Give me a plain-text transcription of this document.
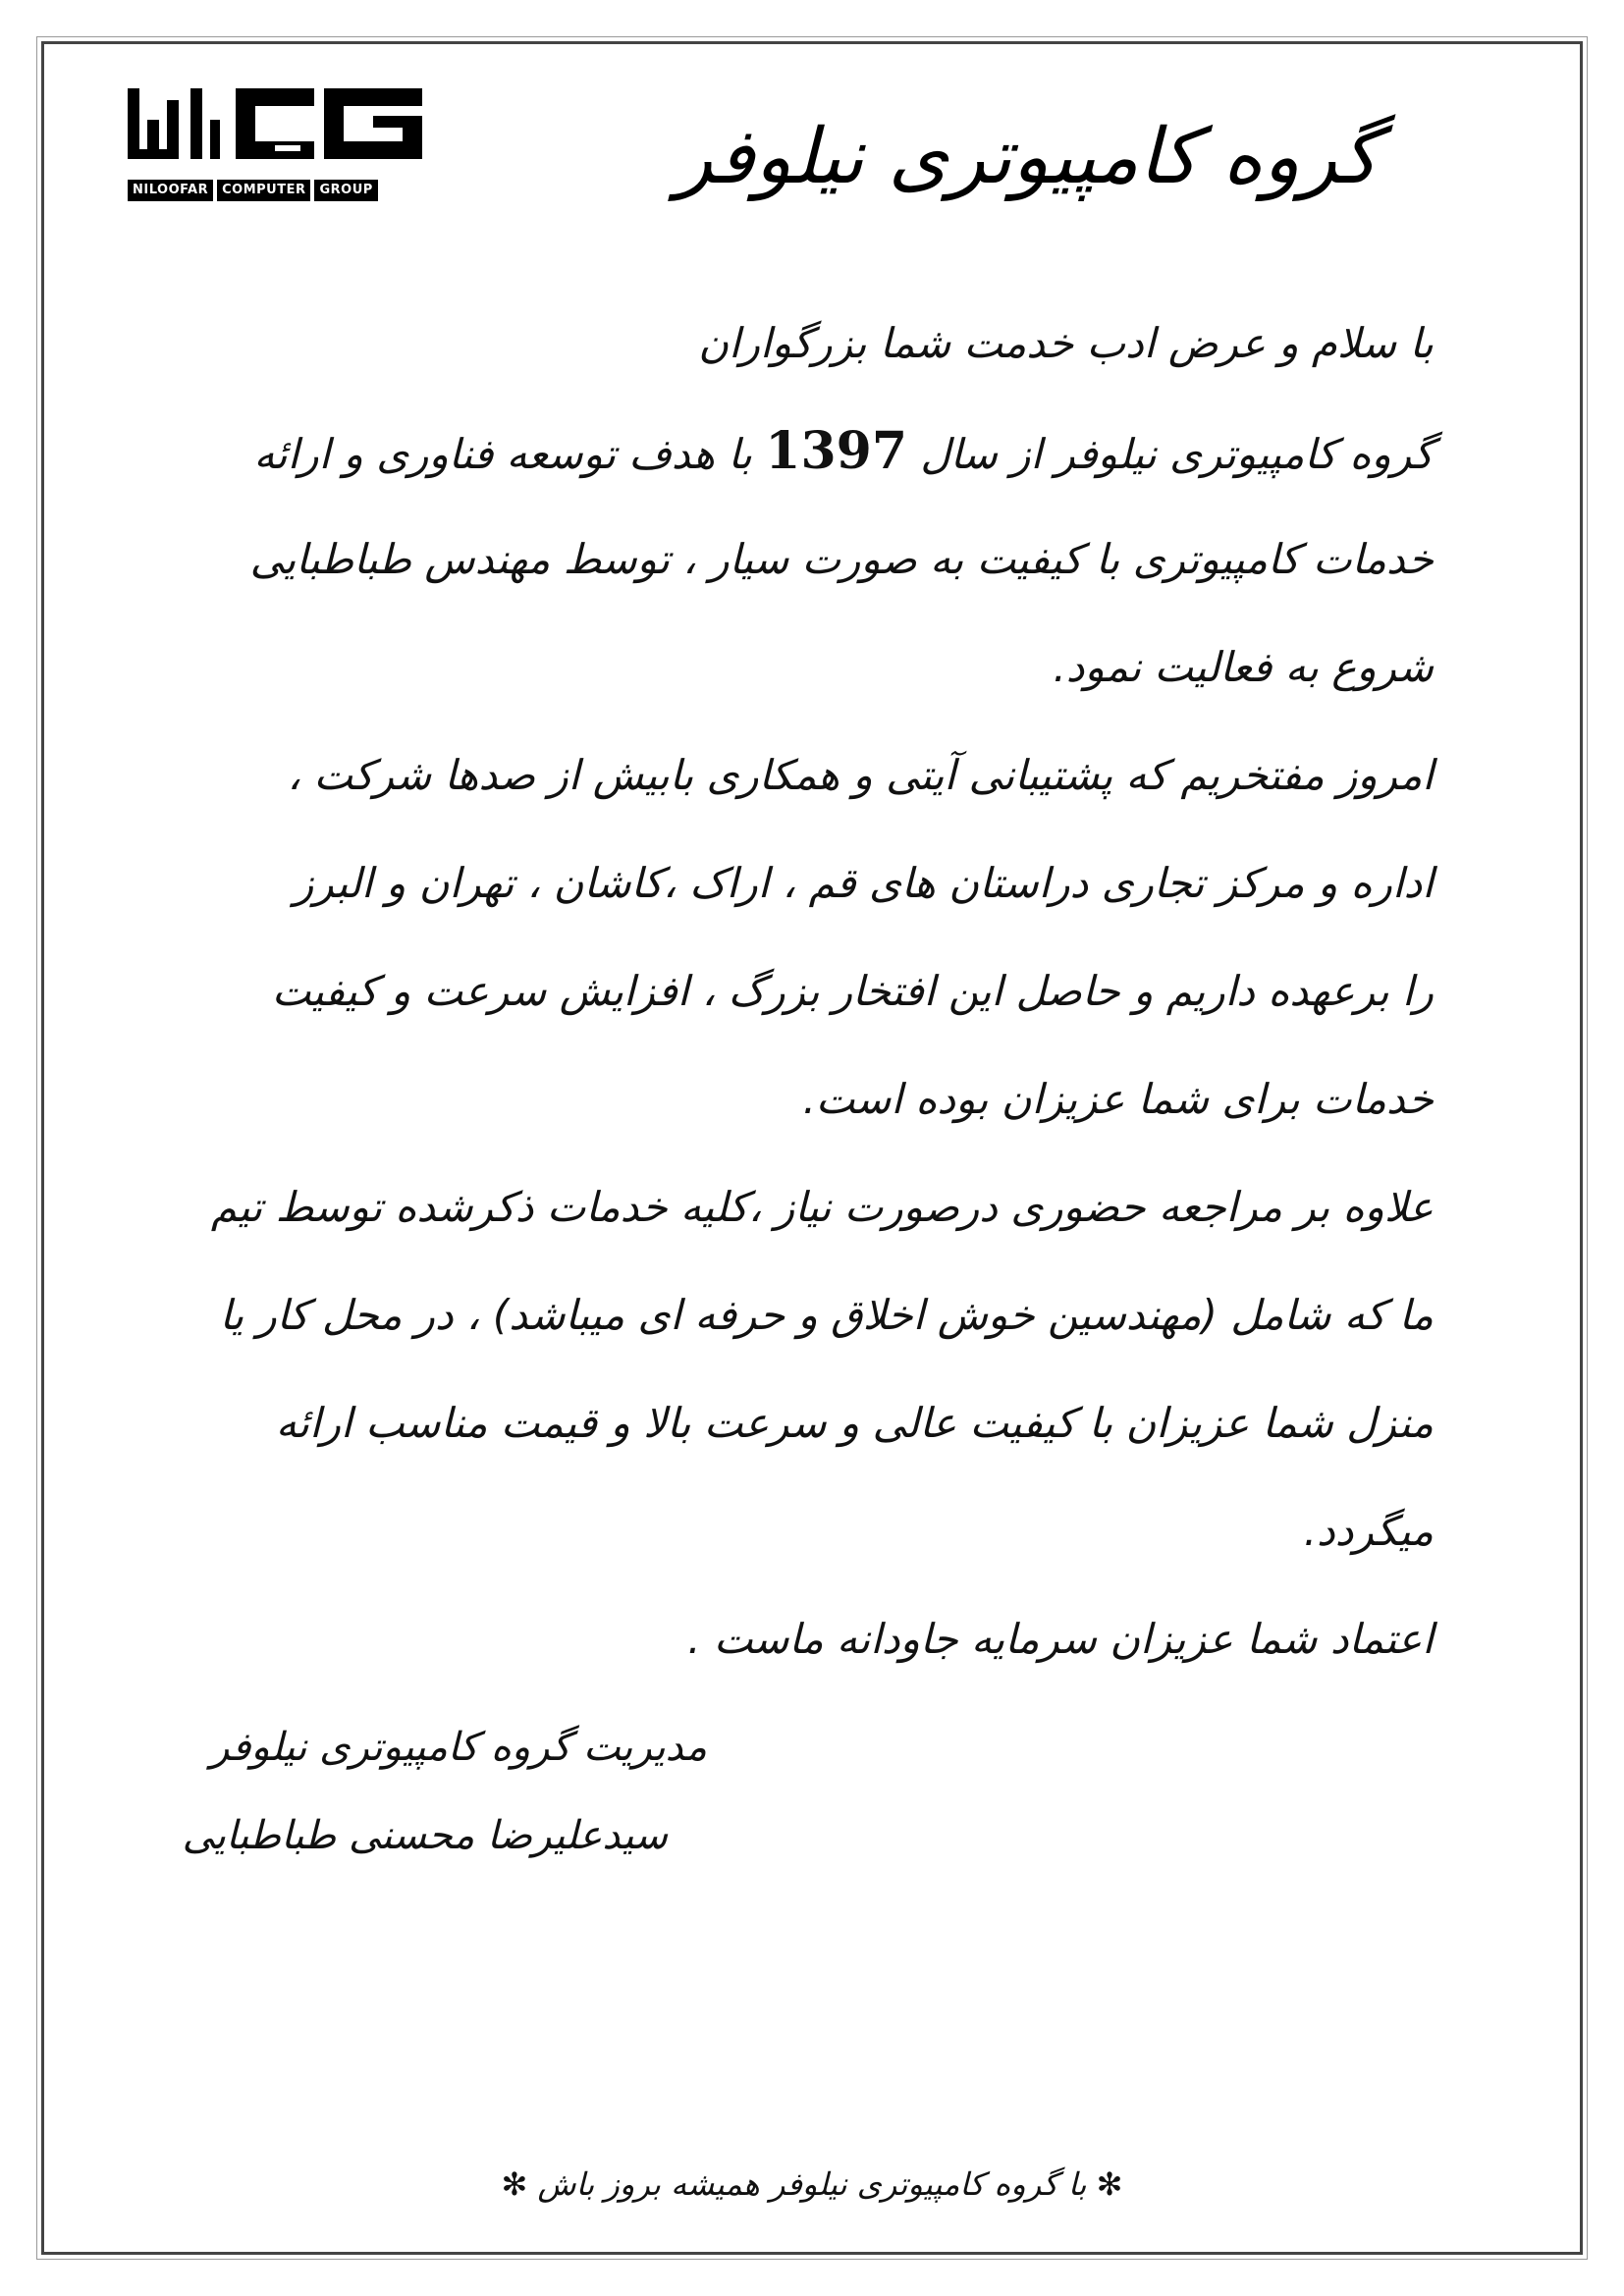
NILOOFAR	COMPUTER	GROUP	گروه کامپیوتری نیلوفر
با سلام و عرض ادب خدمت شما بزرگواران
گروه کامپیوتری نیلوفر از سال 1397 با هدف توسعه فناوری و ارائه
خدمات کامپیوتری با کیفیت به صورت سیار ، توسط مهندس طباطبایی
شروع به فعالیت نمود.
امروز مفتخریم که پشتیبانی آیتی و همکاری بابیش از صدها شرکت ،
اداره و مرکز تجاری دراستان های قم ، اراک ،کاشان ، تهران و البرز
را برعهده داریم و حاصل این افتخار بزرگ ، افزایش سرعت و کیفیت
خدمات برای شما عزیزان بوده است.
علاوه بر مراجعه حضوری درصورت نیاز ،کلیه خدمات ذکرشده توسط تیم
ما که شامل (مهندسین خوش اخلاق و حرفه ای میباشد) ، در محل کار یا
منزل شما عزیزان با کیفیت عالی و سرعت بالا و قیمت مناسب ارائه
میگردد.
اعتماد شما عزیزان سرمایه جاودانه ماست .
مدیریت گروه کامپیوتری نیلوفر
سیدعلیرضا محسنی طباطبایی
✻ با گروه کامپیوتری نیلوفر همیشه بروز باش ✻
